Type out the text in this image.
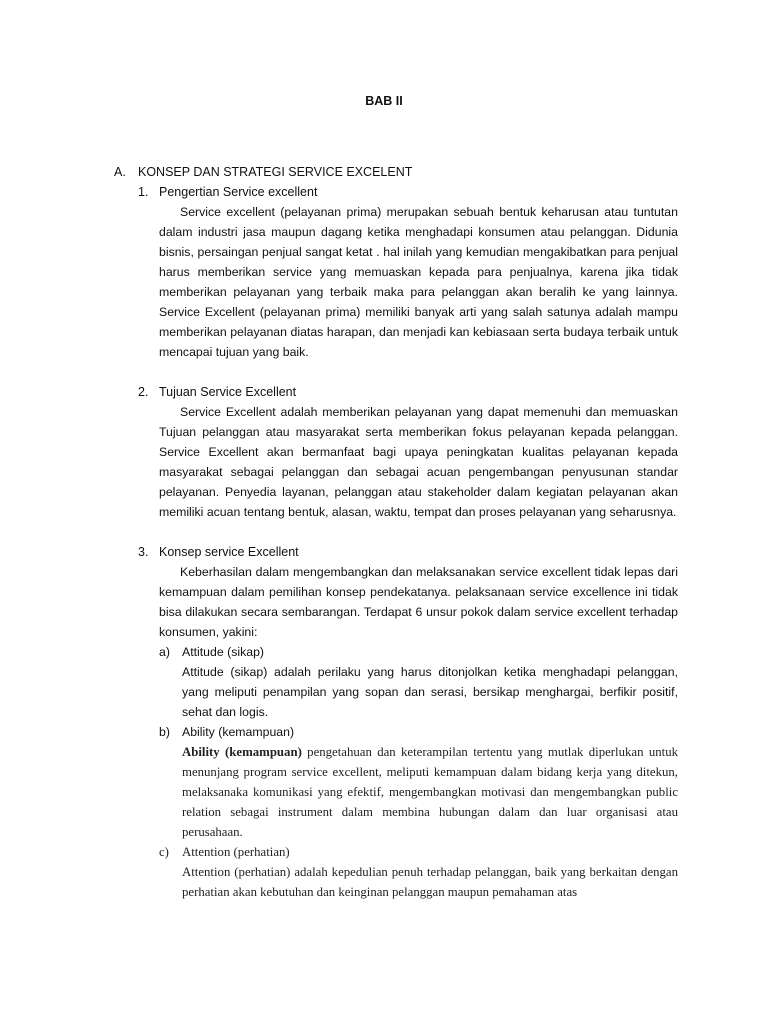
BAB II
A. KONSEP DAN STRATEGI SERVICE EXCELENT
1. Pengertian Service excellent
Service excellent (pelayanan prima) merupakan sebuah bentuk keharusan atau tuntutan dalam industri jasa maupun dagang ketika menghadapi konsumen atau pelanggan. Didunia bisnis, persaingan penjual sangat ketat . hal inilah yang kemudian mengakibatkan para penjual harus memberikan service yang memuaskan kepada para penjualnya, karena jika tidak memberikan pelayanan yang terbaik maka para pelanggan akan beralih ke yang lainnya. Service Excellent (pelayanan prima) memiliki banyak arti yang salah satunya adalah mampu memberikan pelayanan diatas harapan, dan menjadi kan kebiasaan serta budaya terbaik untuk mencapai tujuan yang baik.
2. Tujuan Service Excellent
Service Excellent adalah memberikan pelayanan yang dapat memenuhi dan memuaskan Tujuan pelanggan atau masyarakat serta memberikan fokus pelayanan kepada pelanggan. Service Excellent akan bermanfaat bagi upaya peningkatan kualitas pelayanan kepada masyarakat sebagai pelanggan dan sebagai acuan pengembangan penyusunan standar pelayanan. Penyedia layanan, pelanggan atau stakeholder dalam kegiatan pelayanan akan memiliki acuan tentang bentuk, alasan, waktu, tempat dan proses pelayanan yang seharusnya.
3. Konsep service Excellent
Keberhasilan dalam mengembangkan dan melaksanakan service excellent tidak lepas dari kemampuan dalam pemilihan konsep pendekatanya. pelaksanaan service excellence ini tidak bisa dilakukan secara sembarangan. Terdapat 6 unsur pokok dalam service excellent terhadap konsumen, yakini:
a) Attitude (sikap)
Attitude (sikap) adalah perilaku yang harus ditonjolkan ketika menghadapi pelanggan, yang meliputi penampilan yang sopan dan serasi, bersikap menghargai, berfikir positif, sehat dan logis.
b) Ability (kemampuan)
Ability (kemampuan) pengetahuan dan keterampilan tertentu yang mutlak diperlukan untuk menunjang program service excellent, meliputi kemampuan dalam bidang kerja yang ditekun, melaksanaka komunikasi yang efektif, mengembangkan motivasi dan mengembangkan public relation sebagai instrument dalam membina hubungan dalam dan luar organisasi atau perusahaan.
c) Attention (perhatian)
Attention (perhatian) adalah kepedulian penuh terhadap pelanggan, baik yang berkaitan dengan perhatian akan kebutuhan dan keinginan pelanggan maupun pemahaman atas
